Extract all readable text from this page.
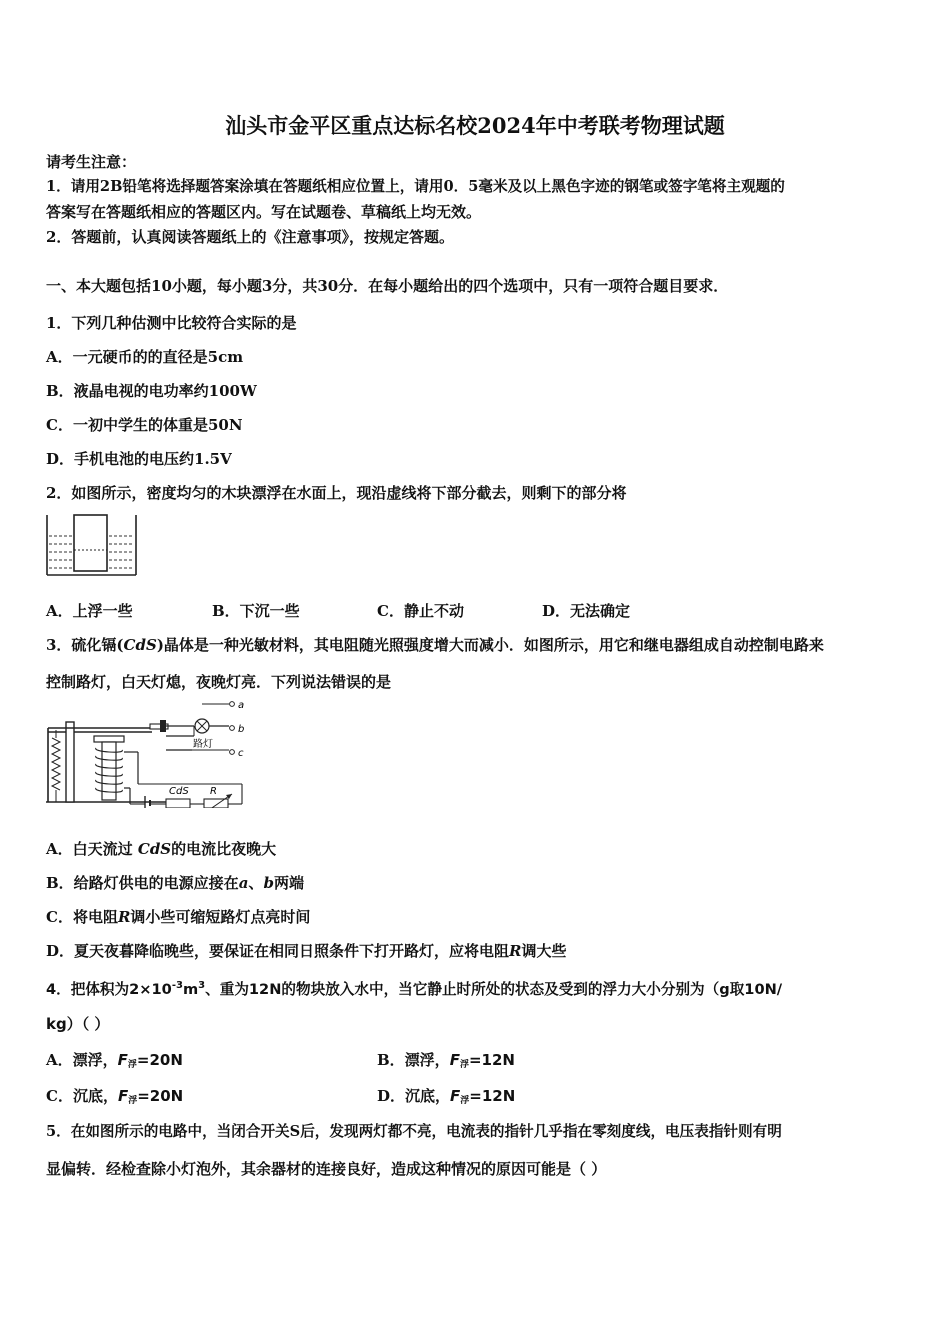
汕头市金平区重点达标名校2024年中考联考物理试题
请考生注意：
1．请用2B铅笔将选择题答案涂填在答题纸相应位置上，请用0．5毫米及以上黑色字迹的钢笔或签字笔将主观题的
答案写在答题纸相应的答题区内。写在试题卷、草稿纸上均无效。
2．答题前，认真阅读答题纸上的《注意事项》，按规定答题。
一、本大题包括10小题，每小题3分，共30分．在每小题给出的四个选项中，只有一项符合题目要求．
1．下列几种估测中比较符合实际的是
A．一元硬币的的直径是5cm
B．液晶电视的电功率约100W
C．一初中学生的体重是50N
D．手机电池的电压约1.5V
2．如图所示，密度均匀的木块漂浮在水面上，现沿虚线将下部分截去，则剩下的部分将
A．上浮一些	B．下沉一些	C．静止不动	D．无法确定
3．硫化镉(CdS)晶体是一种光敏材料，其电阻随光照强度增大而减小．如图所示，用它和继电器组成自动控制电路来
控制路灯，白天灯熄，夜晚灯亮．下列说法错误的是
a
b
c
路灯
CdS R
A．白天流过 CdS的电流比夜晚大
B．给路灯供电的电源应接在a、b两端
C．将电阻R调小些可缩短路灯点亮时间
D．夏天夜暮降临晚些，要保证在相同日照条件下打开路灯，应将电阻R调大些
4．把体积为$2\times 10^{-3}m^3$、重为12N的物块放入水中，当它静止时所处的状态及受到的浮力大小分别为（g取10N/
kg）（ ）
A．漂浮，$F_浮=20N$	B．漂浮，$F_浮=12N$
C．沉底，$F_浮=20N$	D．沉底，$F_浮=12N$
5．在如图所示的电路中，当闭合开关S后，发现两灯都不亮，电流表的指针几乎指在零刻度线，电压表指针则有明
显偏转．经检查除小灯泡外，其余器材的连接良好，造成这种情况的原因可能是（ ）
